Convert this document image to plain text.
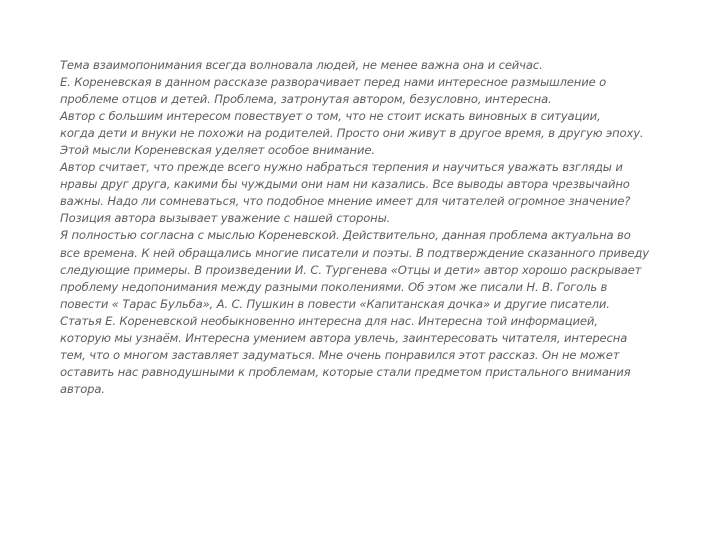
Тема взаимопонимания всегда волновала людей, не менее важна она и сейчас.
Е. Кореневская в данном рассказе разворачивает перед нами интересное размышление о
проблеме отцов и детей. Проблема, затронутая автором, безусловно, интересна.
Автор с большим интересом повествует о том, что не стоит искать виновных в ситуации,
когда дети и внуки не похожи на родителей. Просто они живут в другое время, в другую эпоху.
Этой мысли Кореневская уделяет особое внимание.
Автор считает, что прежде всего нужно набраться терпения и научиться уважать взгляды и
нравы друг друга, какими бы чуждыми они нам ни казались. Все выводы автора чрезвычайно
важны. Надо ли сомневаться, что подобное мнение имеет для читателей огромное значение?
Позиция автора вызывает уважение с нашей стороны.
Я полностью согласна с мыслью Кореневской. Действительно, данная проблема актуальна во
все времена. К ней обращались многие писатели и поэты. В подтверждение сказанного приведу
следующие примеры. В произведении И. С. Тургенева «Отцы и дети» автор хорошо раскрывает
проблему недопонимания между разными поколениями. Об этом же писали Н. В. Гоголь в
повести « Тарас Бульба», А. С. Пушкин в повести «Капитанская дочка» и другие писатели.
Статья Е. Кореневской необыкновенно интересна для нас. Интересна той информацией,
которую мы узнаём. Интересна умением автора увлечь, заинтересовать читателя, интересна
тем, что о многом заставляет задуматься. Мне очень понравился этот рассказ. Он не может
оставить нас равнодушными к проблемам, которые стали предметом пристального внимания
автора.
